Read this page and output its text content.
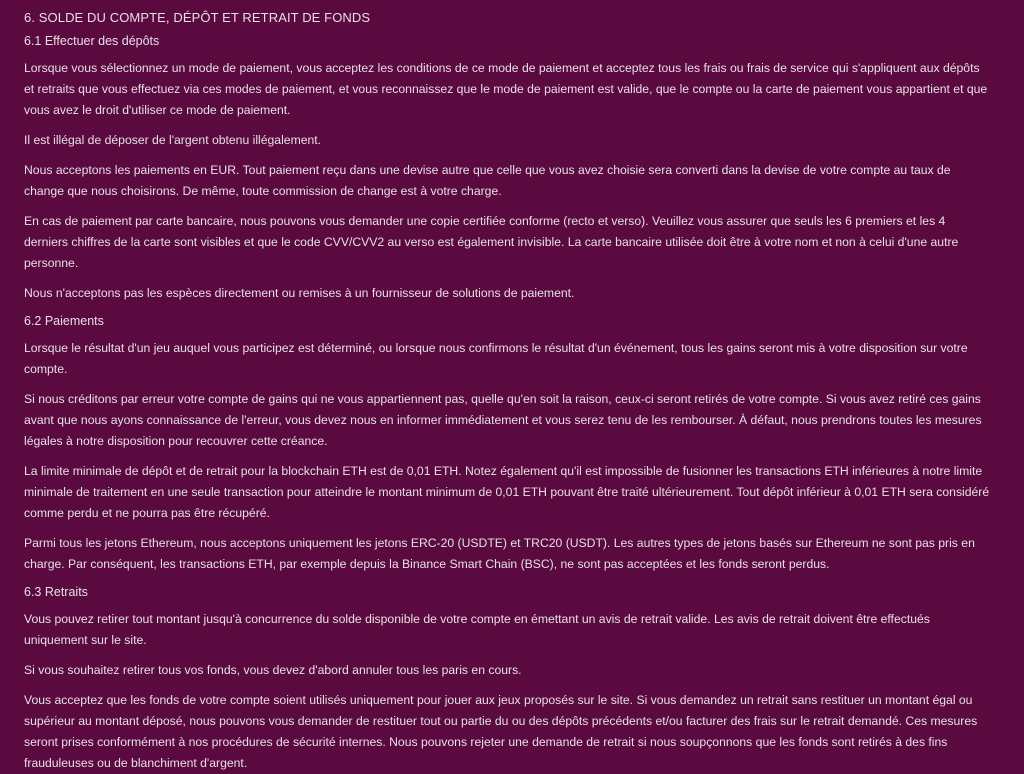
6. SOLDE DU COMPTE, DÉPÔT ET RETRAIT DE FONDS
6.1 Effectuer des dépôts

Lorsque vous sélectionnez un mode de paiement, vous acceptez les conditions de ce mode de paiement et acceptez tous les frais ou frais de service qui s'appliquent aux dépôts et retraits que vous effectuez via ces modes de paiement, et vous reconnaissez que le mode de paiement est valide, que le compte ou la carte de paiement vous appartient et que vous avez le droit d'utiliser ce mode de paiement.

Il est illégal de déposer de l'argent obtenu illégalement.

Nous acceptons les paiements en EUR. Tout paiement reçu dans une devise autre que celle que vous avez choisie sera converti dans la devise de votre compte au taux de change que nous choisirons. De même, toute commission de change est à votre charge.

En cas de paiement par carte bancaire, nous pouvons vous demander une copie certifiée conforme (recto et verso). Veuillez vous assurer que seuls les 6 premiers et les 4 derniers chiffres de la carte sont visibles et que le code CVV/CVV2 au verso est également invisible. La carte bancaire utilisée doit être à votre nom et non à celui d'une autre personne.

Nous n'acceptons pas les espèces directement ou remises à un fournisseur de solutions de paiement.

6.2 Paiements

Lorsque le résultat d'un jeu auquel vous participez est déterminé, ou lorsque nous confirmons le résultat d'un événement, tous les gains seront mis à votre disposition sur votre compte.

Si nous créditons par erreur votre compte de gains qui ne vous appartiennent pas, quelle qu'en soit la raison, ceux-ci seront retirés de votre compte. Si vous avez retiré ces gains avant que nous ayons connaissance de l'erreur, vous devez nous en informer immédiatement et vous serez tenu de les rembourser. À défaut, nous prendrons toutes les mesures légales à notre disposition pour recouvrer cette créance.

La limite minimale de dépôt et de retrait pour la blockchain ETH est de 0,01 ETH. Notez également qu'il est impossible de fusionner les transactions ETH inférieures à notre limite minimale de traitement en une seule transaction pour atteindre le montant minimum de 0,01 ETH pouvant être traité ultérieurement. Tout dépôt inférieur à 0,01 ETH sera considéré comme perdu et ne pourra pas être récupéré.

Parmi tous les jetons Ethereum, nous acceptons uniquement les jetons ERC-20 (USDTE) et TRC20 (USDT). Les autres types de jetons basés sur Ethereum ne sont pas pris en charge. Par conséquent, les transactions ETH, par exemple depuis la Binance Smart Chain (BSC), ne sont pas acceptées et les fonds seront perdus.

6.3 Retraits

Vous pouvez retirer tout montant jusqu'à concurrence du solde disponible de votre compte en émettant un avis de retrait valide. Les avis de retrait doivent être effectués uniquement sur le site.

Si vous souhaitez retirer tous vos fonds, vous devez d'abord annuler tous les paris en cours.

Vous acceptez que les fonds de votre compte soient utilisés uniquement pour jouer aux jeux proposés sur le site. Si vous demandez un retrait sans restituer un montant égal ou supérieur au montant déposé, nous pouvons vous demander de restituer tout ou partie du ou des dépôts précédents et/ou facturer des frais sur le retrait demandé. Ces mesures seront prises conformément à nos procédures de sécurité internes. Nous pouvons rejeter une demande de retrait si nous soupçonnons que les fonds sont retirés à des fins frauduleuses ou de blanchiment d'argent.
